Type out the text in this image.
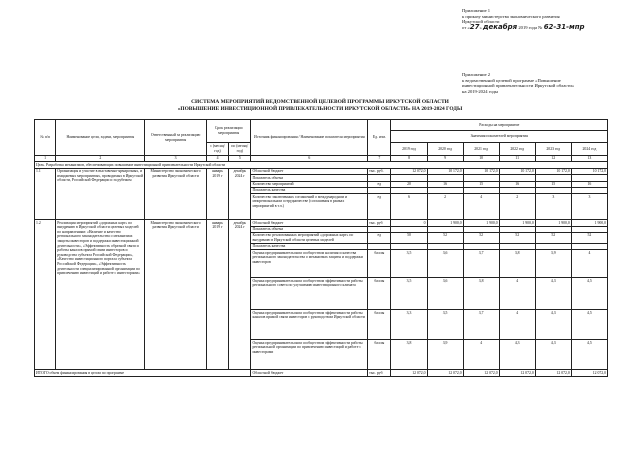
Приложение 1
к приказу министерства экономического развития
Иркутской области
от «27» декабря 2019 года № 62-31-мпр
Приложение 2
к ведомственной целевой программе «Повышение
инвестиционной привлекательности Иркутской области»
на 2019-2024 годы
СИСТЕМА МЕРОПРИЯТИЙ ВЕДОМСТВЕННОЙ ЦЕЛЕВОЙ ПРОГРАММЫ ИРКУТСКОЙ ОБЛАСТИ
«ПОВЫШЕНИЕ ИНВЕСТИЦИОННОЙ ПРИВЛЕКАТЕЛЬНОСТИ ИРКУТСКОЙ ОБЛАСТИ» НА 2019-2024 ГОДЫ
№ п/п	Наименование цели, задачи, мероприятия	Ответственный за реализацию мероприятия	Срок реализации мероприятия		Источник финансирования / Наименование показателя мероприятия	Ед. изм.	Расходы на мероприятие					
							Значения показателей мероприятия					
			с (месяц/год)	по (месяц/год)			2019 год	2020 год	2021 год	2022 год	2023 год	2024 год
1	2	3	4	5	6	7	8	9	10	11	12	13
Цель. Разработка механизмов, обеспечивающих повышение инвестиционной привлекательности Иркутской области												
1.1	Организация и участие в выставочно-ярмарочных, и имиджевых мероприятиях, проводимых в Иркутской области, Российской Федерации и за рубежом	Министерство экономического развития Иркутской области	январь 2019 г	декабрь 2024 г	Областной бюджет	тыс. руб.	12 072,0	10 172,0	10 172,0	10 172,0	10 172,0	10 172,0
					Показатель объема							
					Количество мероприятий	ед	20	16	15	16	15	16
					Показатель качества							
					Количество заключенных соглашений о международном и межрегиональном сотрудничестве (соглашения в рамках мероприятий в т.ч.)	ед	6	2	4	2	3	3
1.2	Реализация мероприятий «дорожных карт» по внедрению в Иркутской области целевых моделей по направлениям: «Наличие и качество регионального законодательства о механизмах защиты инвесторов и поддержки инвестиционной деятельности», «Эффективность обратной связи и работы каналов прямой связи инвесторов и руководства субъекта Российской Федерации», «Качество инвестиционного портала субъекта Российской Федерации», «Эффективность деятельности специализированной организации по привлечению инвестиций и работе с инвесторами»	Министерство экономического развития Иркутской области	январь 2019 г	декабрь 2024 г	Областной бюджет	тыс. руб	0	1 900,0	1 900,0	1 900,0	1 900,0	1 900,0
					Показатель объема							
					Количество реализованных мероприятий «дорожных карт» по внедрению в Иркутской области целевых моделей	ед	50	52	52	52	52	52
					Показатель качества							
					Оценка предпринимательским сообществом наличия и качества регионального законодательства о механизмах защиты и поддержки инвесторов	баллы	3,5	3,6	3,7	3,8	3,9	4
					Оценка предпринимательским сообществом эффективности работы регионального совета по улучшению инвестиционного климата	баллы	3,5	3,6	3,8	4	4,3	4,5
					Оценка предпринимательским сообществом эффективности работы каналов прямой связи инвесторов с руководством Иркутской области	баллы	3,3	3,5	3,7	4	4,3	4,5
					Оценка предпринимательским сообществом эффективности работы региональной организации по привлечению инвестиций и работе с инвесторами	баллы	3,8	3,9	4	4,3	4,3	4,5
ИТОГО объем финансирования в целом по программе					Областной бюджет	тыс. руб	12 072,0	12 072,0	12 072,0	12 072,0	12 072,0	12 072,0
